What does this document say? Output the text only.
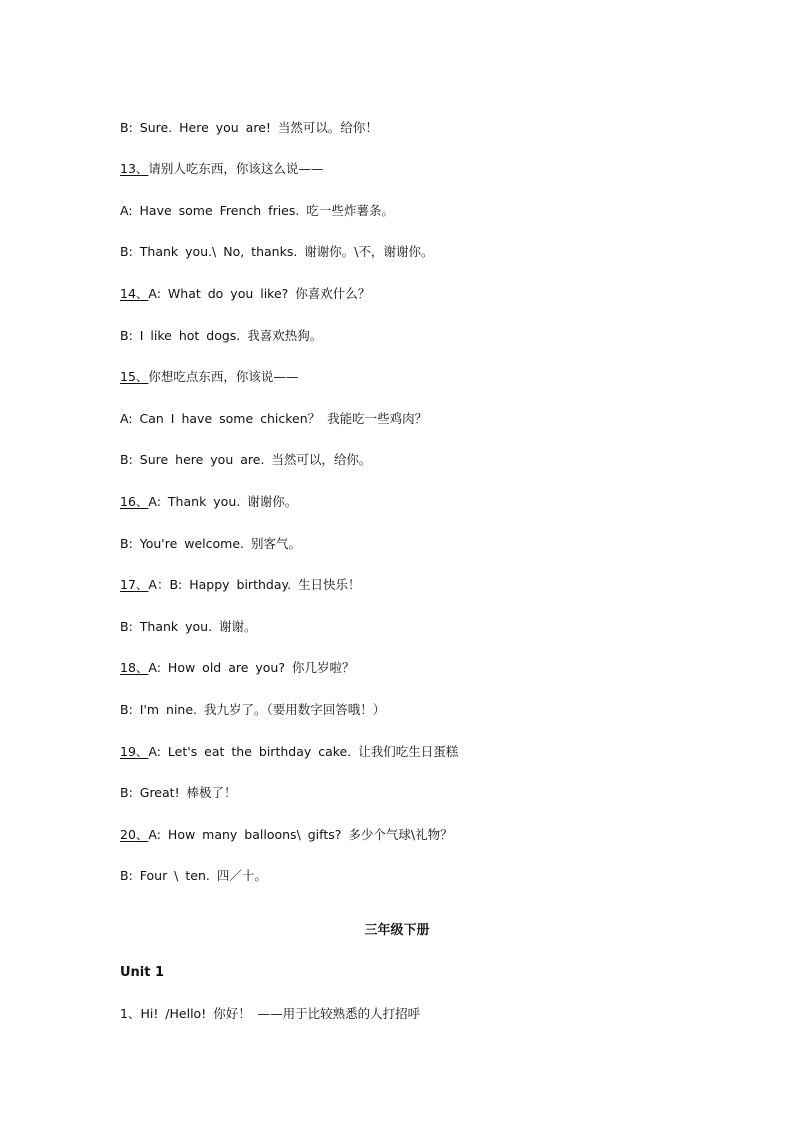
B: Sure. Here you are! 当然可以。给你！
13、请别人吃东西，你该这么说——
A: Have some French fries. 吃一些炸薯条。
B: Thank you.\ No, thanks. 谢谢你。\不，谢谢你。
14、A: What do you like? 你喜欢什么？
B: I like hot dogs. 我喜欢热狗。
15、你想吃点东西，你该说——
A: Can I have some chicken？ 我能吃一些鸡肉？
B: Sure here you are. 当然可以，给你。
16、A: Thank you. 谢谢你。
B: You're welcome. 别客气。
17、A：B: Happy birthday. 生日快乐！
B: Thank you. 谢谢。
18、A: How old are you? 你几岁啦？
B: I'm nine. 我九岁了。（要用数字回答哦！）
19、A: Let's eat the birthday cake. 让我们吃生日蛋糕
B: Great! 棒极了！
20、A: How many balloons\ gifts? 多少个气球\礼物？
B: Four \ ten. 四／十。
三年级下册
Unit 1
1、Hi! /Hello! 你好！ ——用于比较熟悉的人打招呼
